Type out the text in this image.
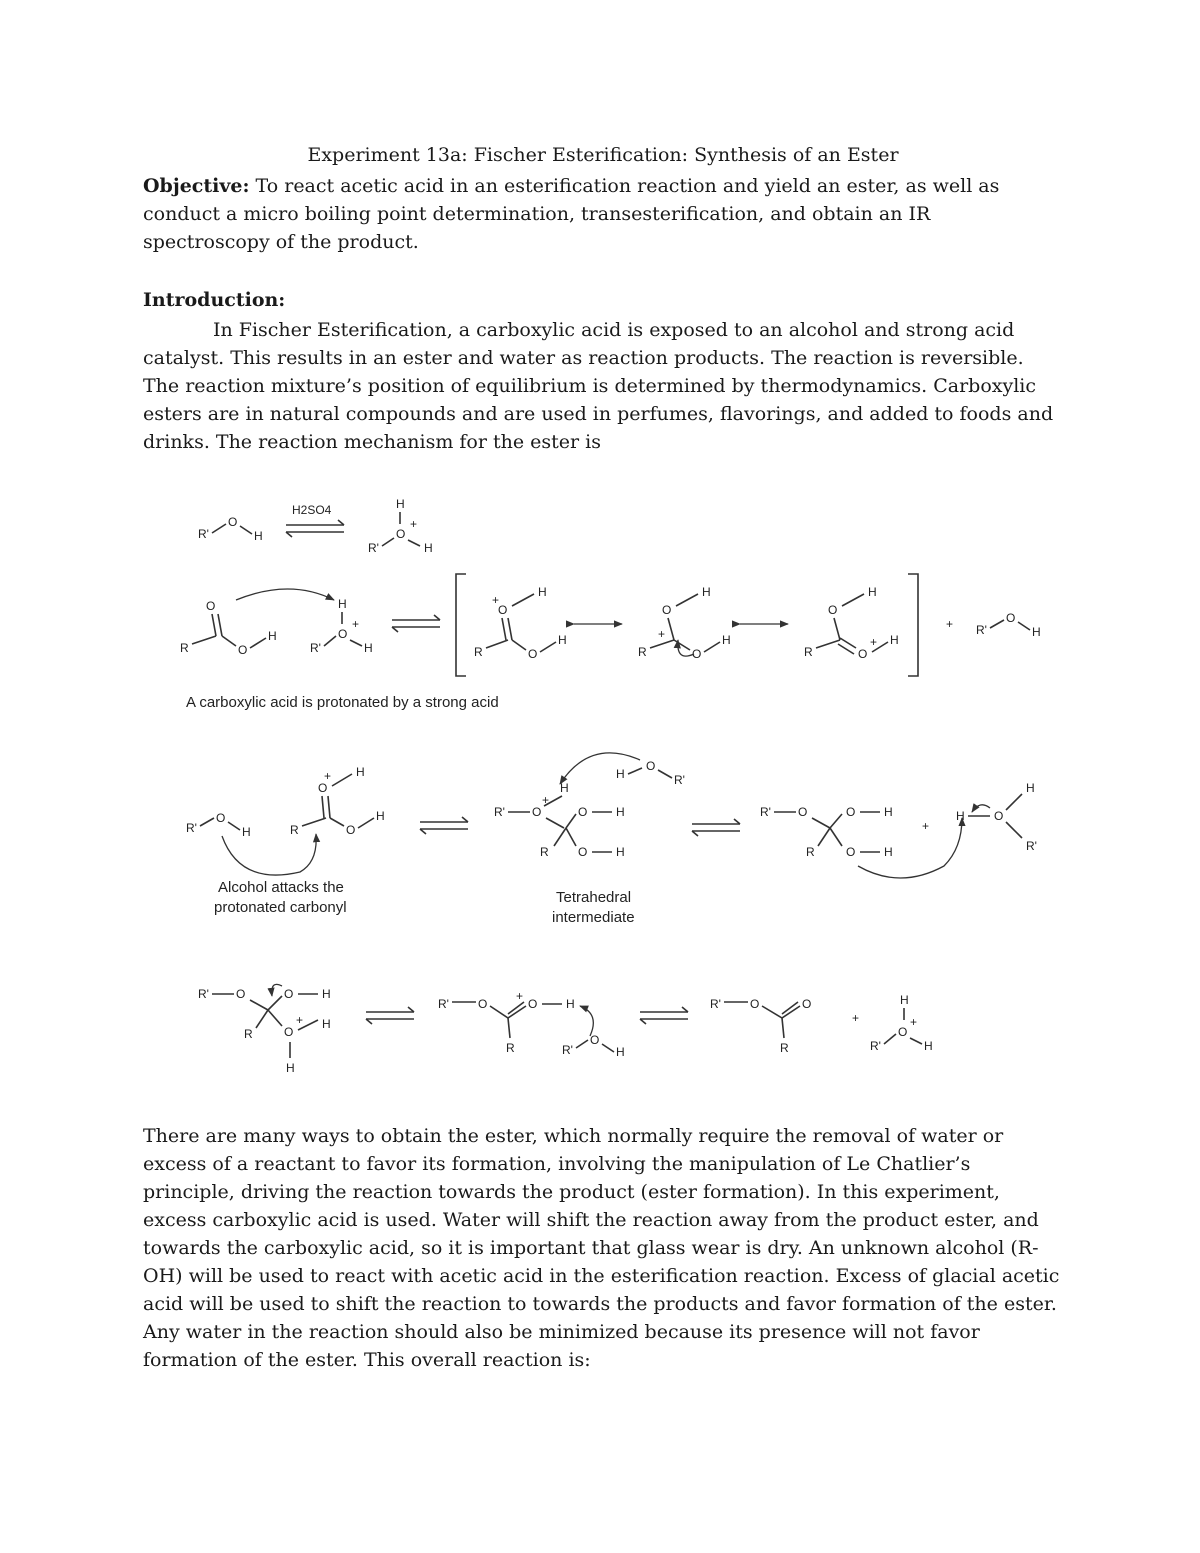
Experiment 13a: Fischer Esterification: Synthesis of an Ester
Objective: To react acetic acid in an esterification reaction and yield an ester, as well as conduct a micro boiling point determination, transesterification, and obtain an IR spectroscopy of the product.
Introduction:
In Fischer Esterification, a carboxylic acid is exposed to an alcohol and strong acid catalyst. This results in an ester and water as reaction products. The reaction is reversible. The reaction mixture’s position of equilibrium is determined by thermodynamics. Carboxylic esters are in natural compounds and are used in perfumes, flavorings, and added to foods and drinks. The reaction mechanism for the ester is
R'
O
H
H2SO4	H
R'
O
+
H
O
R	O
H
H
R'
O
+
H
O
+
H
R	O
H
O
H
+
R	O
H
O
H
R	O
+ H
+ R'
O
H
A carboxylic acid is protonated by a strong acid
R'
O
H
O
+ H
R	O
H
Alcohol attacks the
protonated carbonyl
H
O
R'
R' O
+
H
R
O H
O H
Tetrahedral
intermediate
R' O
R
O H
O H
+
H O
H
R'
R' O
R
O H
O
+ H
H
R' O
R
+
O H
R'
O
H
R' O
R
O
+
H
R'
O
+
H
There are many ways to obtain the ester, which normally require the removal of water or excess of a reactant to favor its formation, involving the manipulation of Le Chatlier’s principle, driving the reaction towards the product (ester formation). In this experiment, excess carboxylic acid is used. Water will shift the reaction away from the product ester, and towards the carboxylic acid, so it is important that glass wear is dry. An unknown alcohol (R-OH) will be used to react with acetic acid in the esterification reaction. Excess of glacial acetic acid will be used to shift the reaction to towards the products and favor formation of the ester. Any water in the reaction should also be minimized because its presence will not favor formation of the ester. This overall reaction is:
